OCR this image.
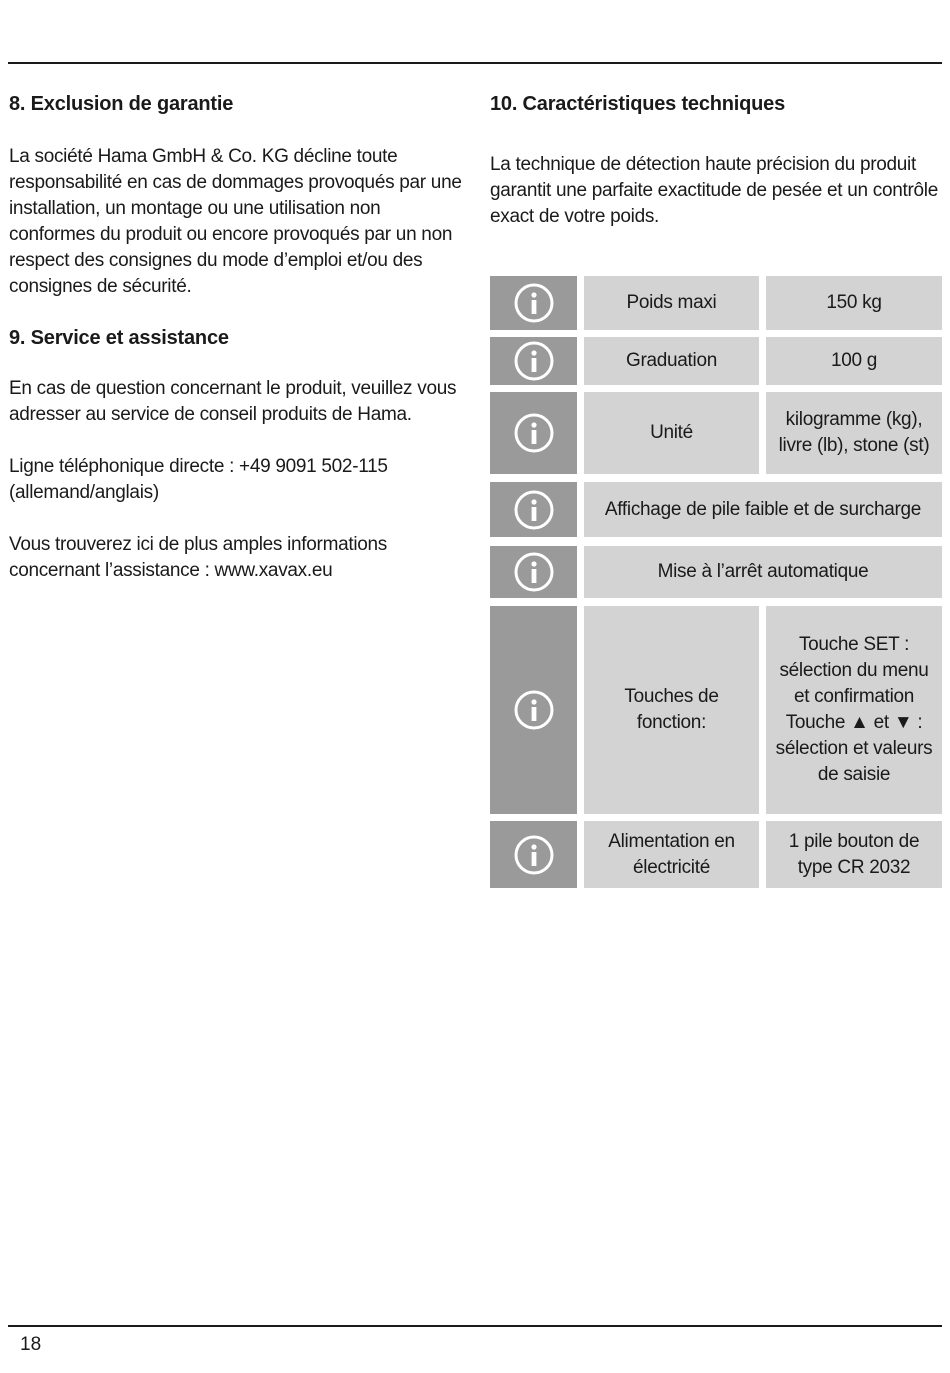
8. Exclusion de garantie

La société Hama GmbH & Co. KG décline toute responsabilité en cas de dommages provoqués par une installation, un montage ou une utilisation non conformes du produit ou encore provoqués par un non respect des consignes du mode d’emploi et/ou des consignes de sécurité.

9. Service et assistance

En cas de question concernant le produit, veuillez vous adresser au service de conseil produits de Hama.

Ligne téléphonique directe : +49 9091 502-115 (allemand/anglais)

Vous trouverez ici de plus amples informations concernant l’assistance : www.xavax.eu

10. Caractéristiques techniques

La technique de détection haute précision du produit garantit une parfaite exactitude de pesée et un contrôle exact de votre poids.

Poids maxi	150 kg
Graduation	100 g
Unité
kilogramme (kg), livre (lb), stone (st)
Affichage de pile faible et de surcharge
Mise à l’arrêt automatique
Touches de fonction:
Touche SET : sélection du menu et confirmation Touche ▲ et ▼ : sélection et valeurs de saisie
Alimentation en électricité
1 pile bouton de type CR 2032
18
